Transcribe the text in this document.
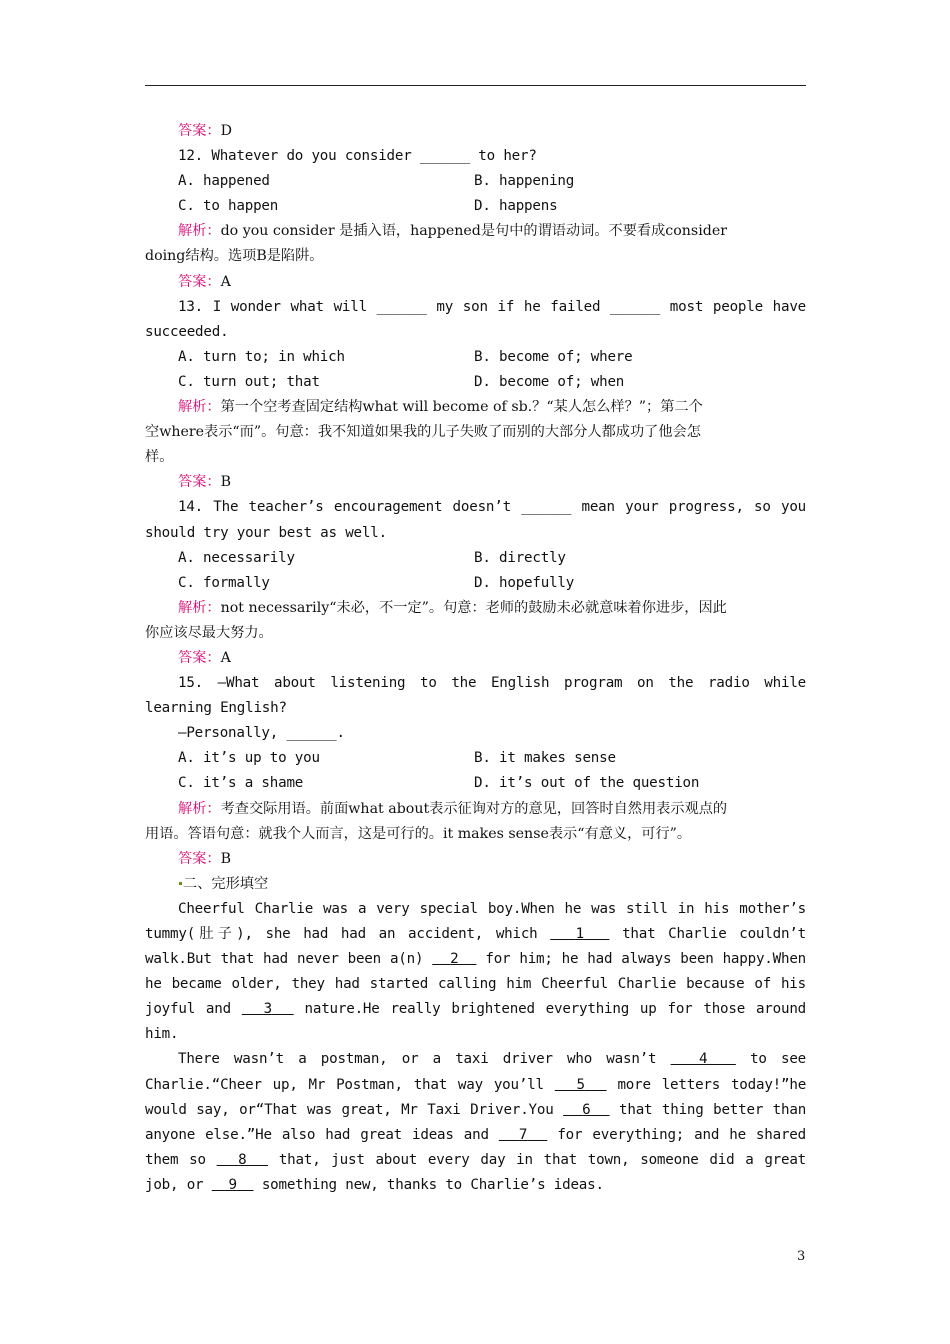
答案：D

12. Whatever do you consider ______ to her?

A. happened	B. happening
C. to happen	D. happens

解析：do you consider 是插入语，happened是句中的谓语动词。不要看成consider

doing结构。选项B是陷阱。

答案：A

13. I wonder what will ______ my son if he failed ______ most people have

succeeded.

A. turn to; in which	B. become of; where
C. turn out; that	D. become of; when

解析：第一个空考查固定结构what will become of sb.？“某人怎么样？”；第二个

空where表示“而”。句意：我不知道如果我的儿子失败了而别的大部分人都成功了他会怎

样。

答案：B

14. The teacher’s encouragement doesn’t ______ mean your progress, so you

should try your best as well.

A. necessarily	B. directly
C. formally	D. hopefully

解析：not necessarily“未必，不一定”。句意：老师的鼓励未必就意味着你进步，因此

你应该尽最大努力。

答案：A

15. —What about listening to the English program on the radio while

learning English?

—Personally, ______.

A. it’s up to you	B. it makes sense
C. it’s a shame	D. it’s out of the question

解析：考查交际用语。前面what about表示征询对方的意见，回答时自然用表示观点的

用语。答语句意：就我个人而言，这是可行的。it makes sense表示“有意义，可行”。

答案：B

二、完形填空

Cheerful Charlie was a very special boy.When he was still in his mother’s

tummy(肚子), she had had an accident, which	1	that Charlie couldn’t

walk.But that had never been a(n) 2 for him; he had always been happy.When

he became older, they had started calling him Cheerful Charlie because of his

joyful and 3 nature.He really brightened everything up for those around

him.

There wasn’t a postman, or a taxi driver who wasn’t	4	to see

Charlie.“Cheer up, Mr Postman, that way you’ll 5 more letters today!”he

would say, or“That was great, Mr Taxi Driver.You 6 that thing better than

anyone else.”He also had great ideas and 7 for everything; and he shared

them so 8 that, just about every day in that town, someone did a great

job, or 9 something new, thanks to Charlie’s ideas.

3
